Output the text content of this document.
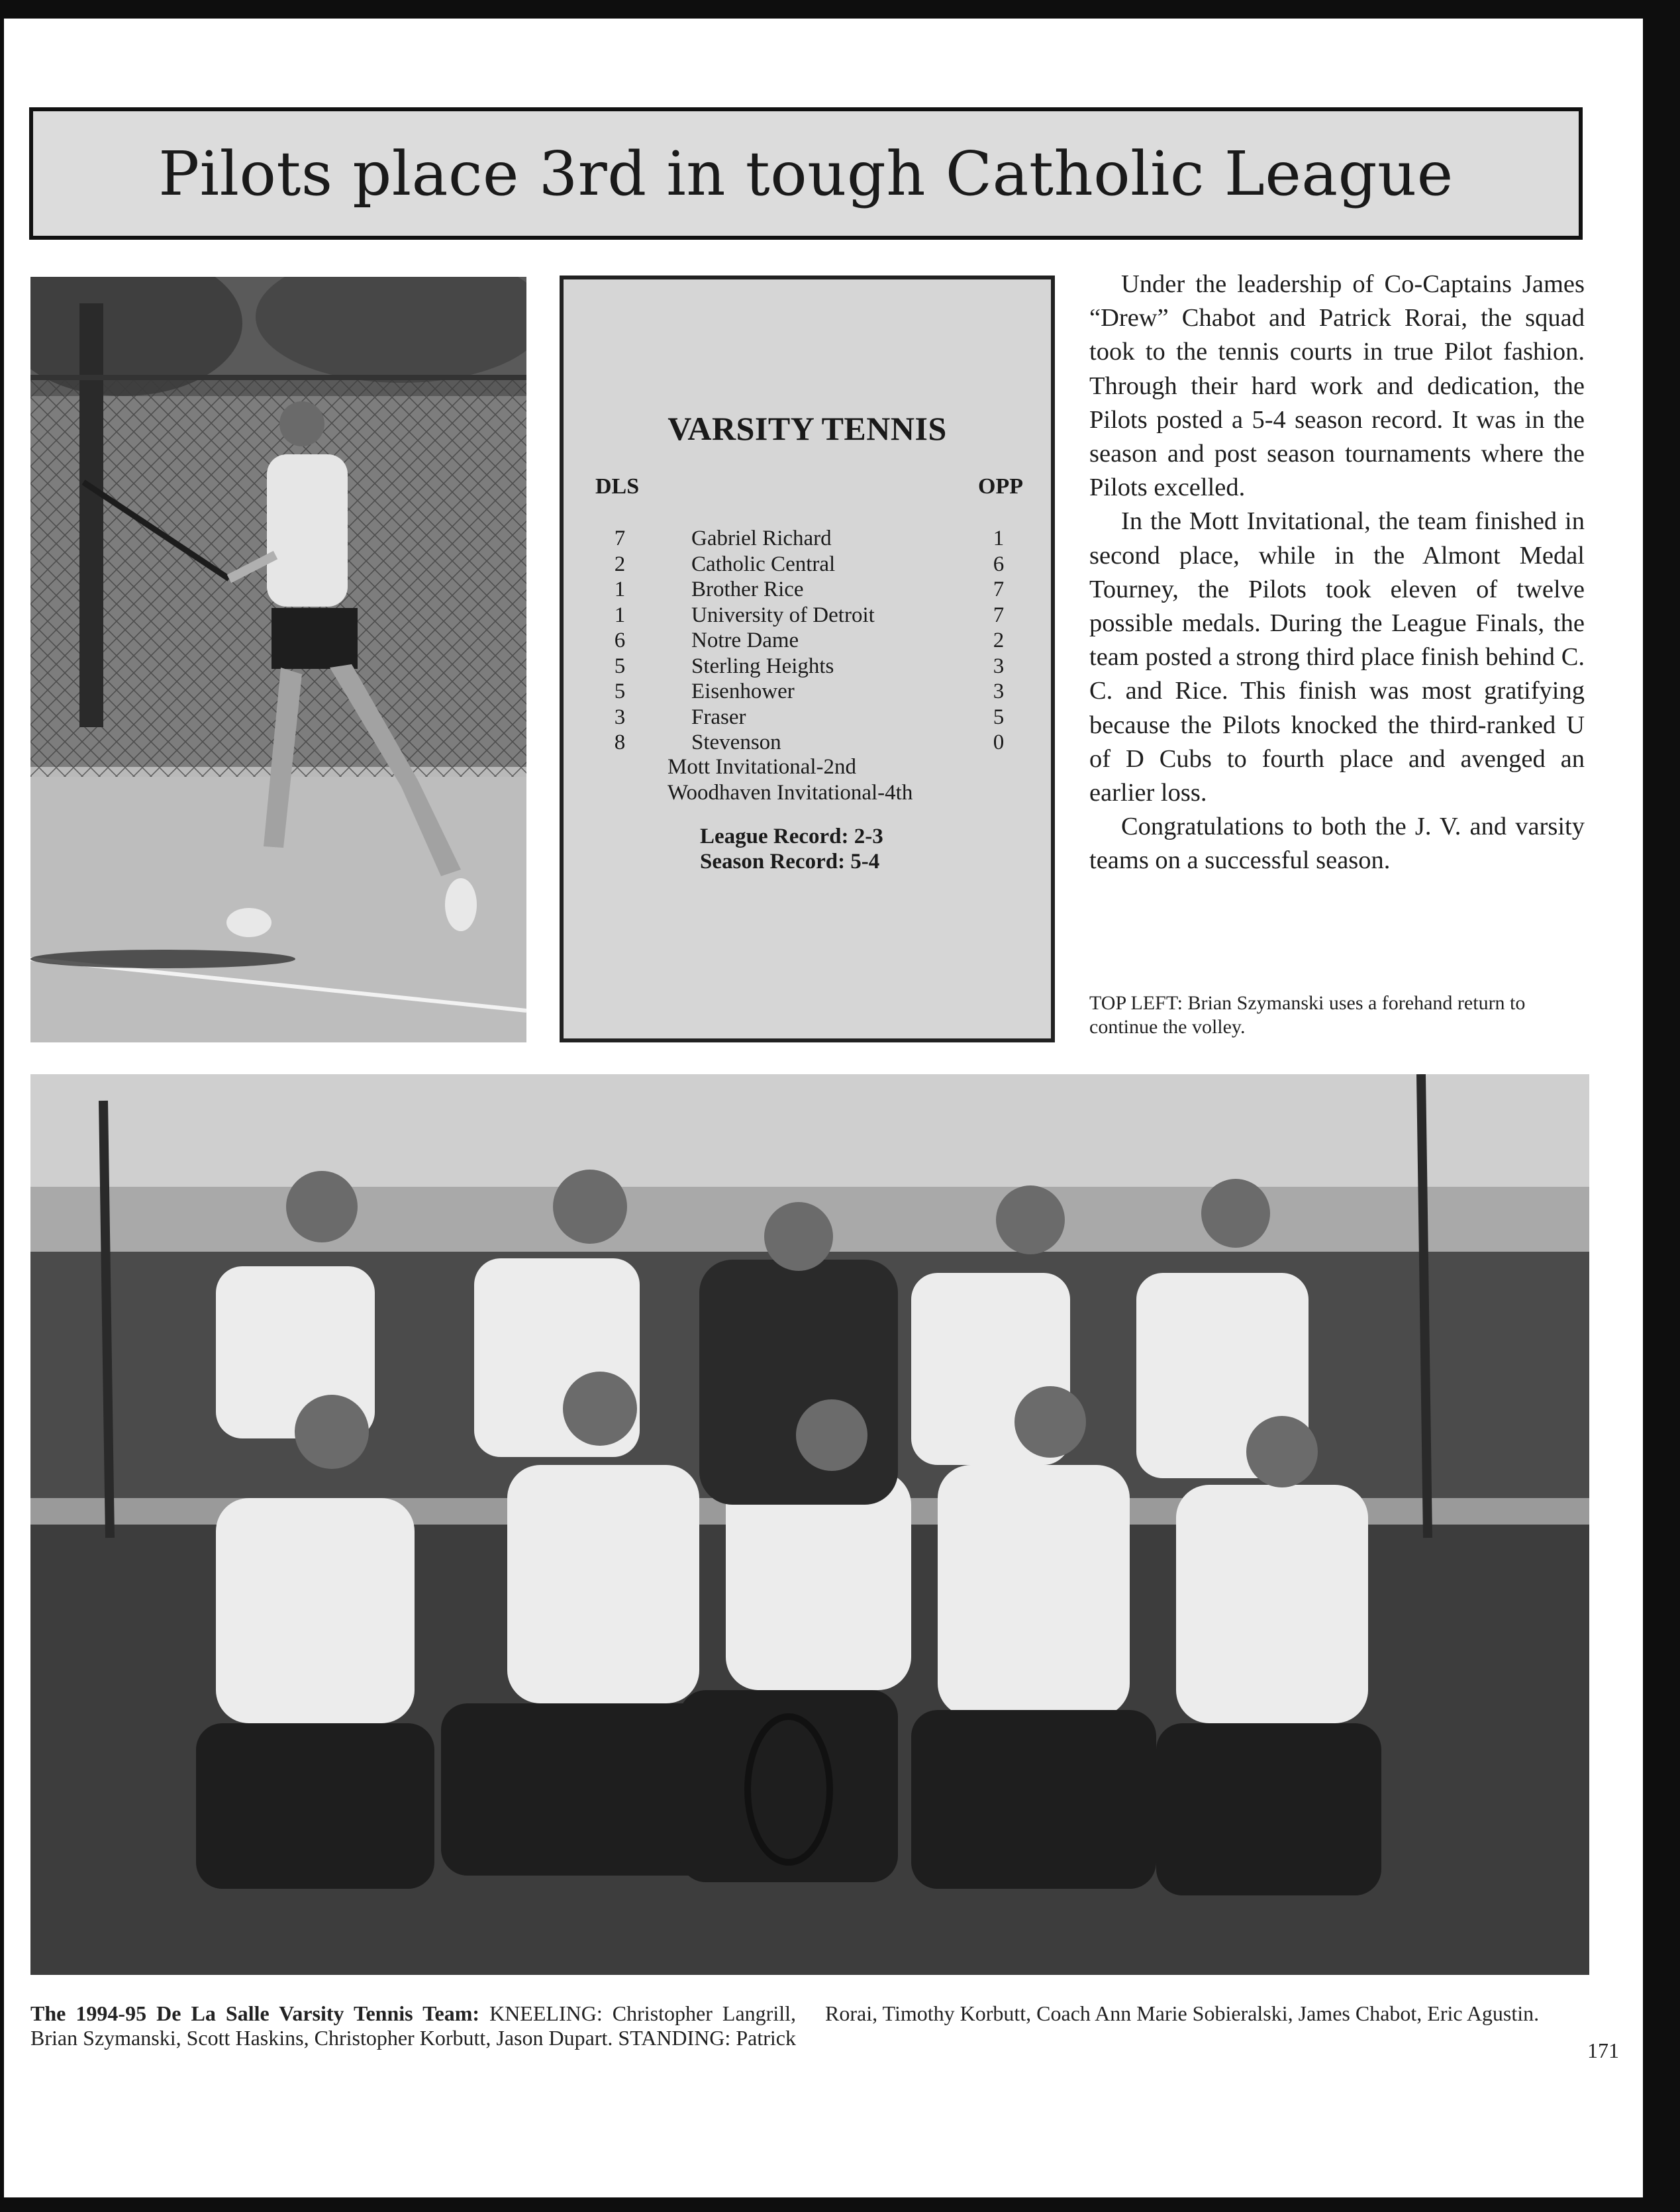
Pilots place 3rd in tough Catholic League
VARSITY TENNIS
DLS	OPP
7	Gabriel Richard	1
2	Catholic Central	6
1	Brother Rice	7
1	University of Detroit	7
6	Notre Dame	2
5	Sterling Heights	3
5	Eisenhower	3
3	Fraser	5
8	Stevenson	0
Mott Invitational-2nd
Woodhaven Invitational-4th
League Record: 2-3
Season Record: 5-4

Under the leadership of Co-Captains James “Drew” Chabot and Patrick Rorai, the squad took to the tennis courts in true Pilot fashion. Through their hard work and dedication, the Pilots posted a 5-4 season record. It was in the season and post season tournaments where the Pilots excelled.

In the Mott Invitational, the team finished in second place, while in the Almont Medal Tourney, the Pilots took eleven of twelve possible medals. During the League Finals, the team posted a strong third place finish behind C. C. and Rice. This finish was most gratifying because the Pilots knocked the third-ranked U of D Cubs to fourth place and avenged an earlier loss.

Congratulations to both the J. V. and varsity teams on a successful season.

TOP LEFT: Brian Szymanski uses a forehand return to continue the volley.
The 1994-95 De La Salle Varsity Tennis Team: KNEELING: Christopher Langrill, Brian Szymanski, Scott Haskins, Christopher Korbutt, Jason Dupart. STANDING: Patrick Rorai, Timothy Korbutt, Coach Ann Marie Sobieralski, James Chabot, Eric Agustin.
171
